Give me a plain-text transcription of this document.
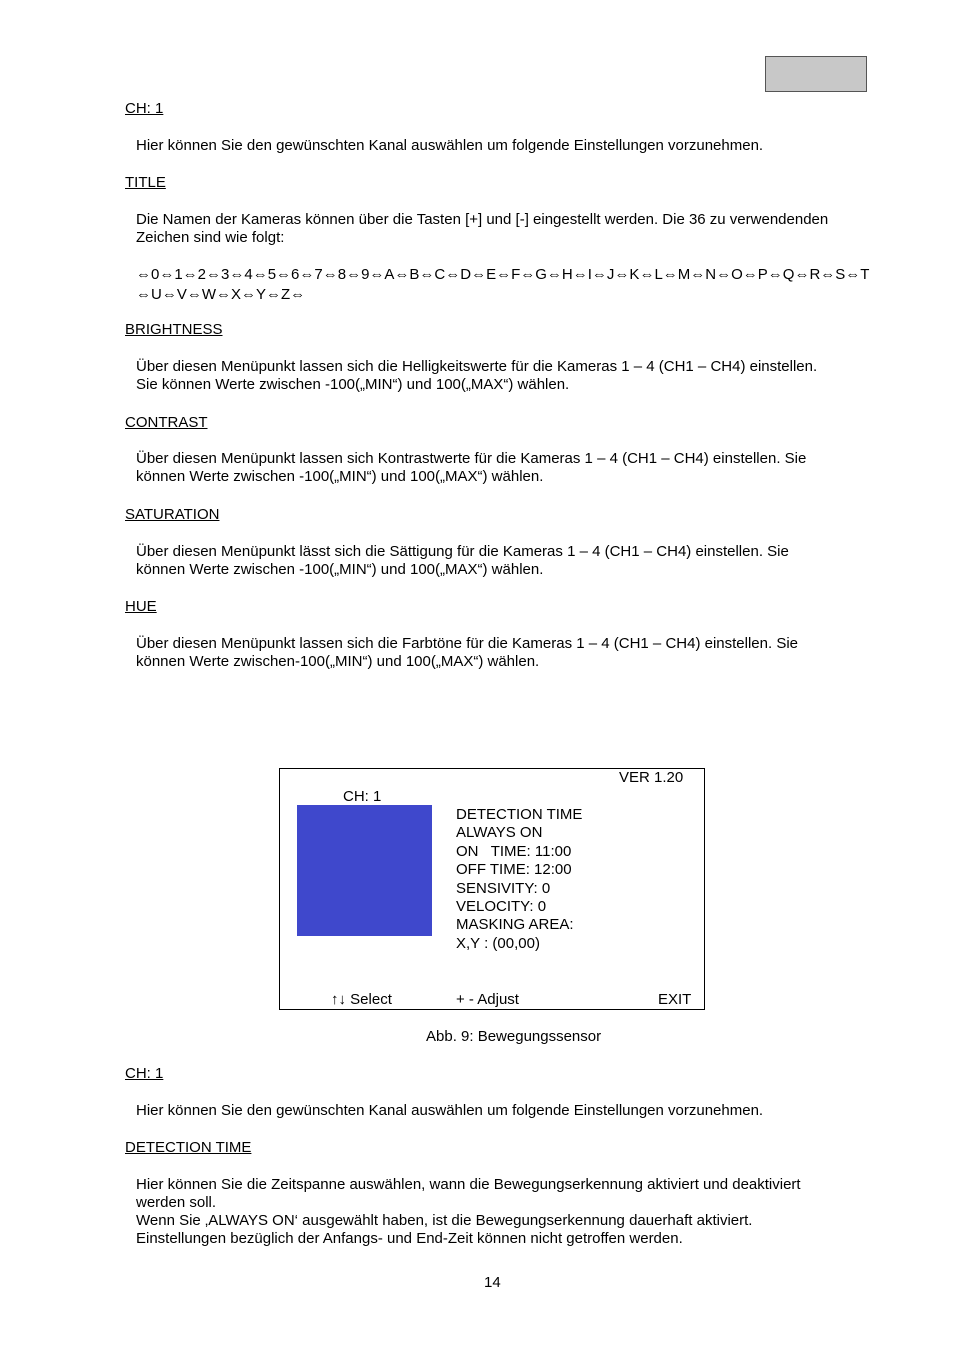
CH: 1
Hier können Sie den gewünschten Kanal auswählen um folgende Einstellungen vorzunehmen.
TITLE
Die Namen der Kameras können über die Tasten [+] und [-] eingestellt werden. Die 36 zu verwendenden
Zeichen sind wie folgt:
⇔0⇔1⇔2⇔3⇔4⇔5⇔6⇔7⇔8⇔9⇔A⇔B⇔C⇔D⇔E⇔F⇔G⇔H⇔I⇔J⇔K⇔L⇔M⇔N⇔O⇔P⇔Q⇔R⇔S⇔T
⇔U⇔V⇔W⇔X⇔Y⇔Z⇔
BRIGHTNESS
Über diesen Menüpunkt lassen sich die Helligkeitswerte für die Kameras 1 – 4 (CH1 – CH4) einstellen.
Sie können Werte zwischen -100(„MIN“) und 100(„MAX“) wählen.
CONTRAST
Über diesen Menüpunkt lassen sich Kontrastwerte für die Kameras 1 – 4 (CH1 – CH4) einstellen. Sie
können Werte zwischen -100(„MIN“) und 100(„MAX“) wählen.
SATURATION
Über diesen Menüpunkt lässt sich die Sättigung für die Kameras 1 – 4 (CH1 – CH4) einstellen. Sie
können Werte zwischen -100(„MIN“) und 100(„MAX“) wählen.
HUE
Über diesen Menüpunkt lassen sich die Farbtöne für die Kameras 1 – 4 (CH1 – CH4) einstellen. Sie
können Werte zwischen-100(„MIN“) und 100(„MAX“) wählen.
VER 1.20
CH: 1
DETECTION TIME
ALWAYS ON
ON   TIME: 11:00
OFF TIME: 12:00
SENSIVITY: 0
VELOCITY: 0
MASKING AREA:
X,Y : (00,00)
↑↓ Select	+ - Adjust	EXIT
Abb. 9: Bewegungssensor
CH: 1
Hier können Sie den gewünschten Kanal auswählen um folgende Einstellungen vorzunehmen.
DETECTION TIME
Hier können Sie die Zeitspanne auswählen, wann die Bewegungserkennung aktiviert und deaktiviert
werden soll.
Wenn Sie ‚ALWAYS ON‘ ausgewählt haben, ist die Bewegungserkennung dauerhaft aktiviert.
Einstellungen bezüglich der Anfangs- und End-Zeit können nicht getroffen werden.
14
